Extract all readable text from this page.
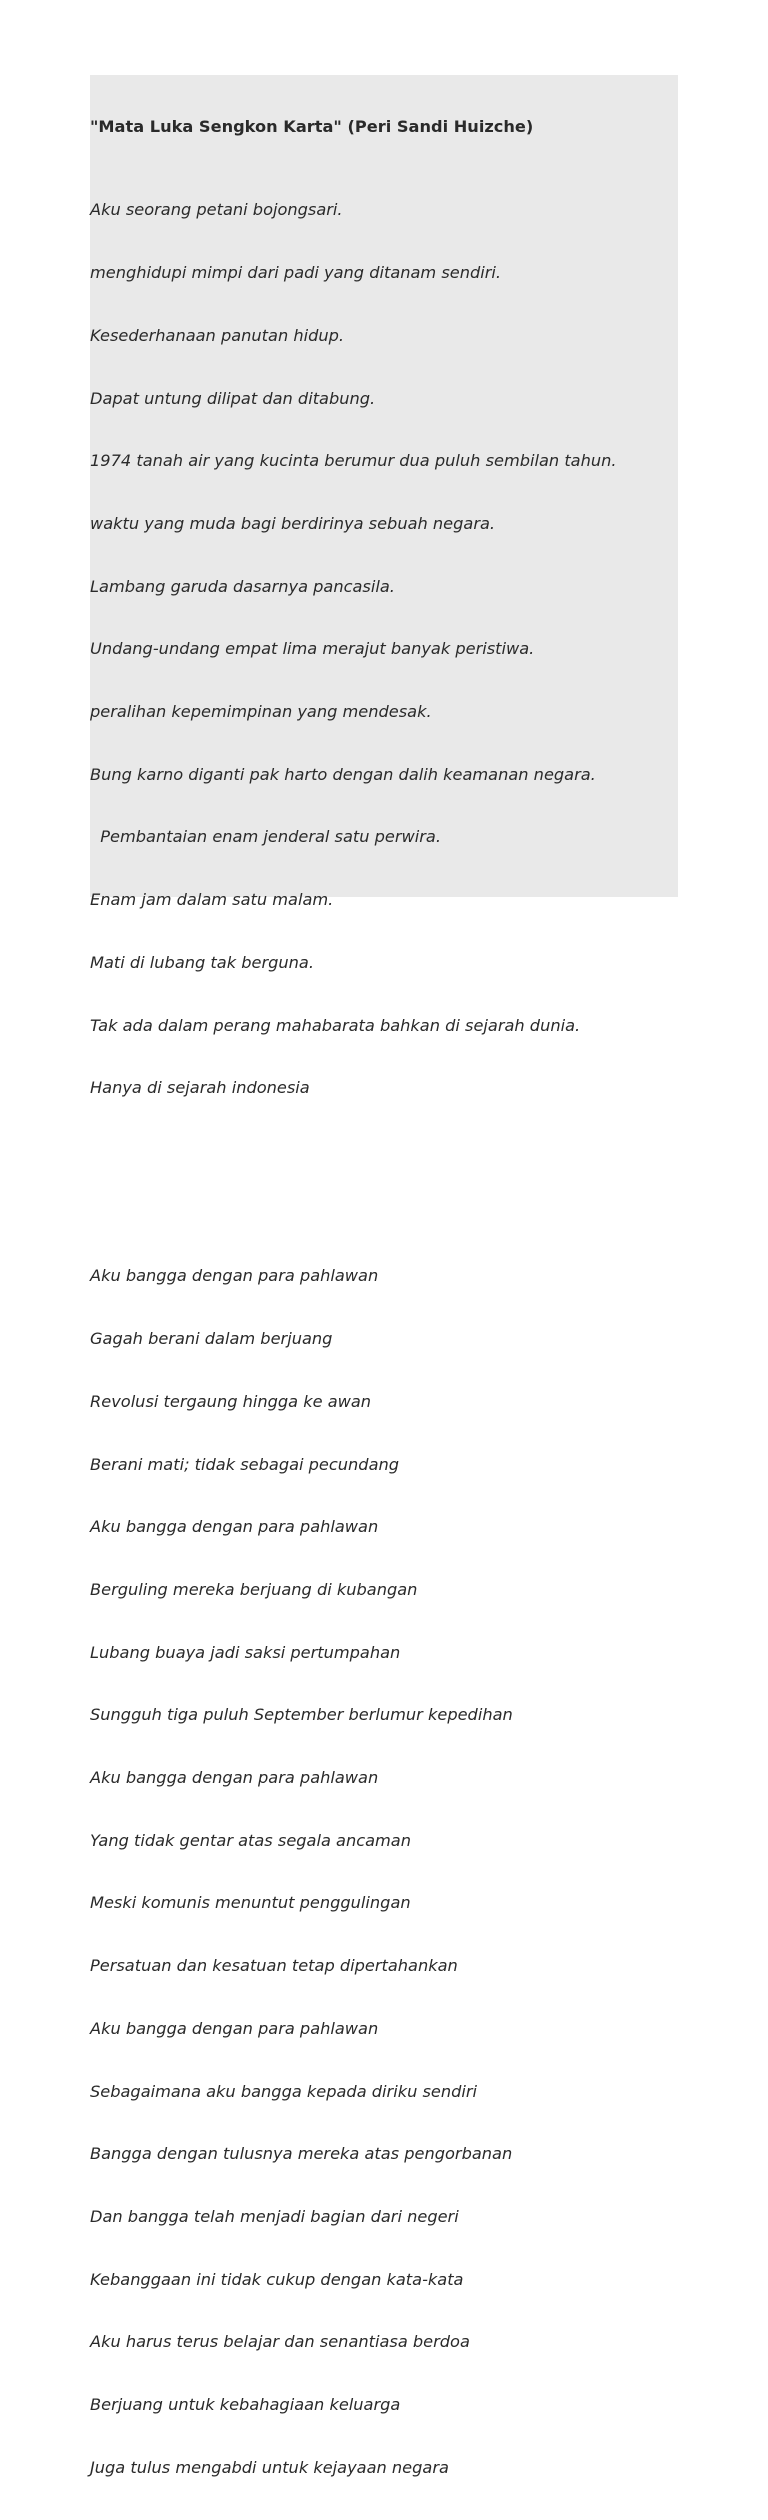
"Mata Luka Sengkon Karta" (Peri Sandi Huizche)

Aku seorang petani bojongsari.

menghidupi mimpi dari padi yang ditanam sendiri.

Kesederhanaan panutan hidup.

Dapat untung dilipat dan ditabung.

1974 tanah air yang kucinta berumur dua puluh sembilan tahun.

waktu yang muda bagi berdirinya sebuah negara.

Lambang garuda dasarnya pancasila.

Undang-undang empat lima merajut banyak peristiwa.

peralihan kepemimpinan yang mendesak.

Bung karno diganti pak harto dengan dalih keamanan negara.

Pembantaian enam jenderal satu perwira.

Enam jam dalam satu malam.

Mati di lubang tak berguna.

Tak ada dalam perang mahabarata bahkan di sejarah dunia.

Hanya di sejarah indonesia

Aku bangga dengan para pahlawan

Gagah berani dalam berjuang

Revolusi tergaung hingga ke awan

Berani mati; tidak sebagai pecundang

Aku bangga dengan para pahlawan

Berguling mereka berjuang di kubangan

Lubang buaya jadi saksi pertumpahan

Sungguh tiga puluh September berlumur kepedihan

Aku bangga dengan para pahlawan

Yang tidak gentar atas segala ancaman

Meski komunis menuntut penggulingan

Persatuan dan kesatuan tetap dipertahankan

Aku bangga dengan para pahlawan

Sebagaimana aku bangga kepada diriku sendiri

Bangga dengan tulusnya mereka atas pengorbanan

Dan bangga telah menjadi bagian dari negeri

Kebanggaan ini tidak cukup dengan kata-kata

Aku harus terus belajar dan senantiasa berdoa

Berjuang untuk kebahagiaan keluarga

Juga tulus mengabdi untuk kejayaan negara
